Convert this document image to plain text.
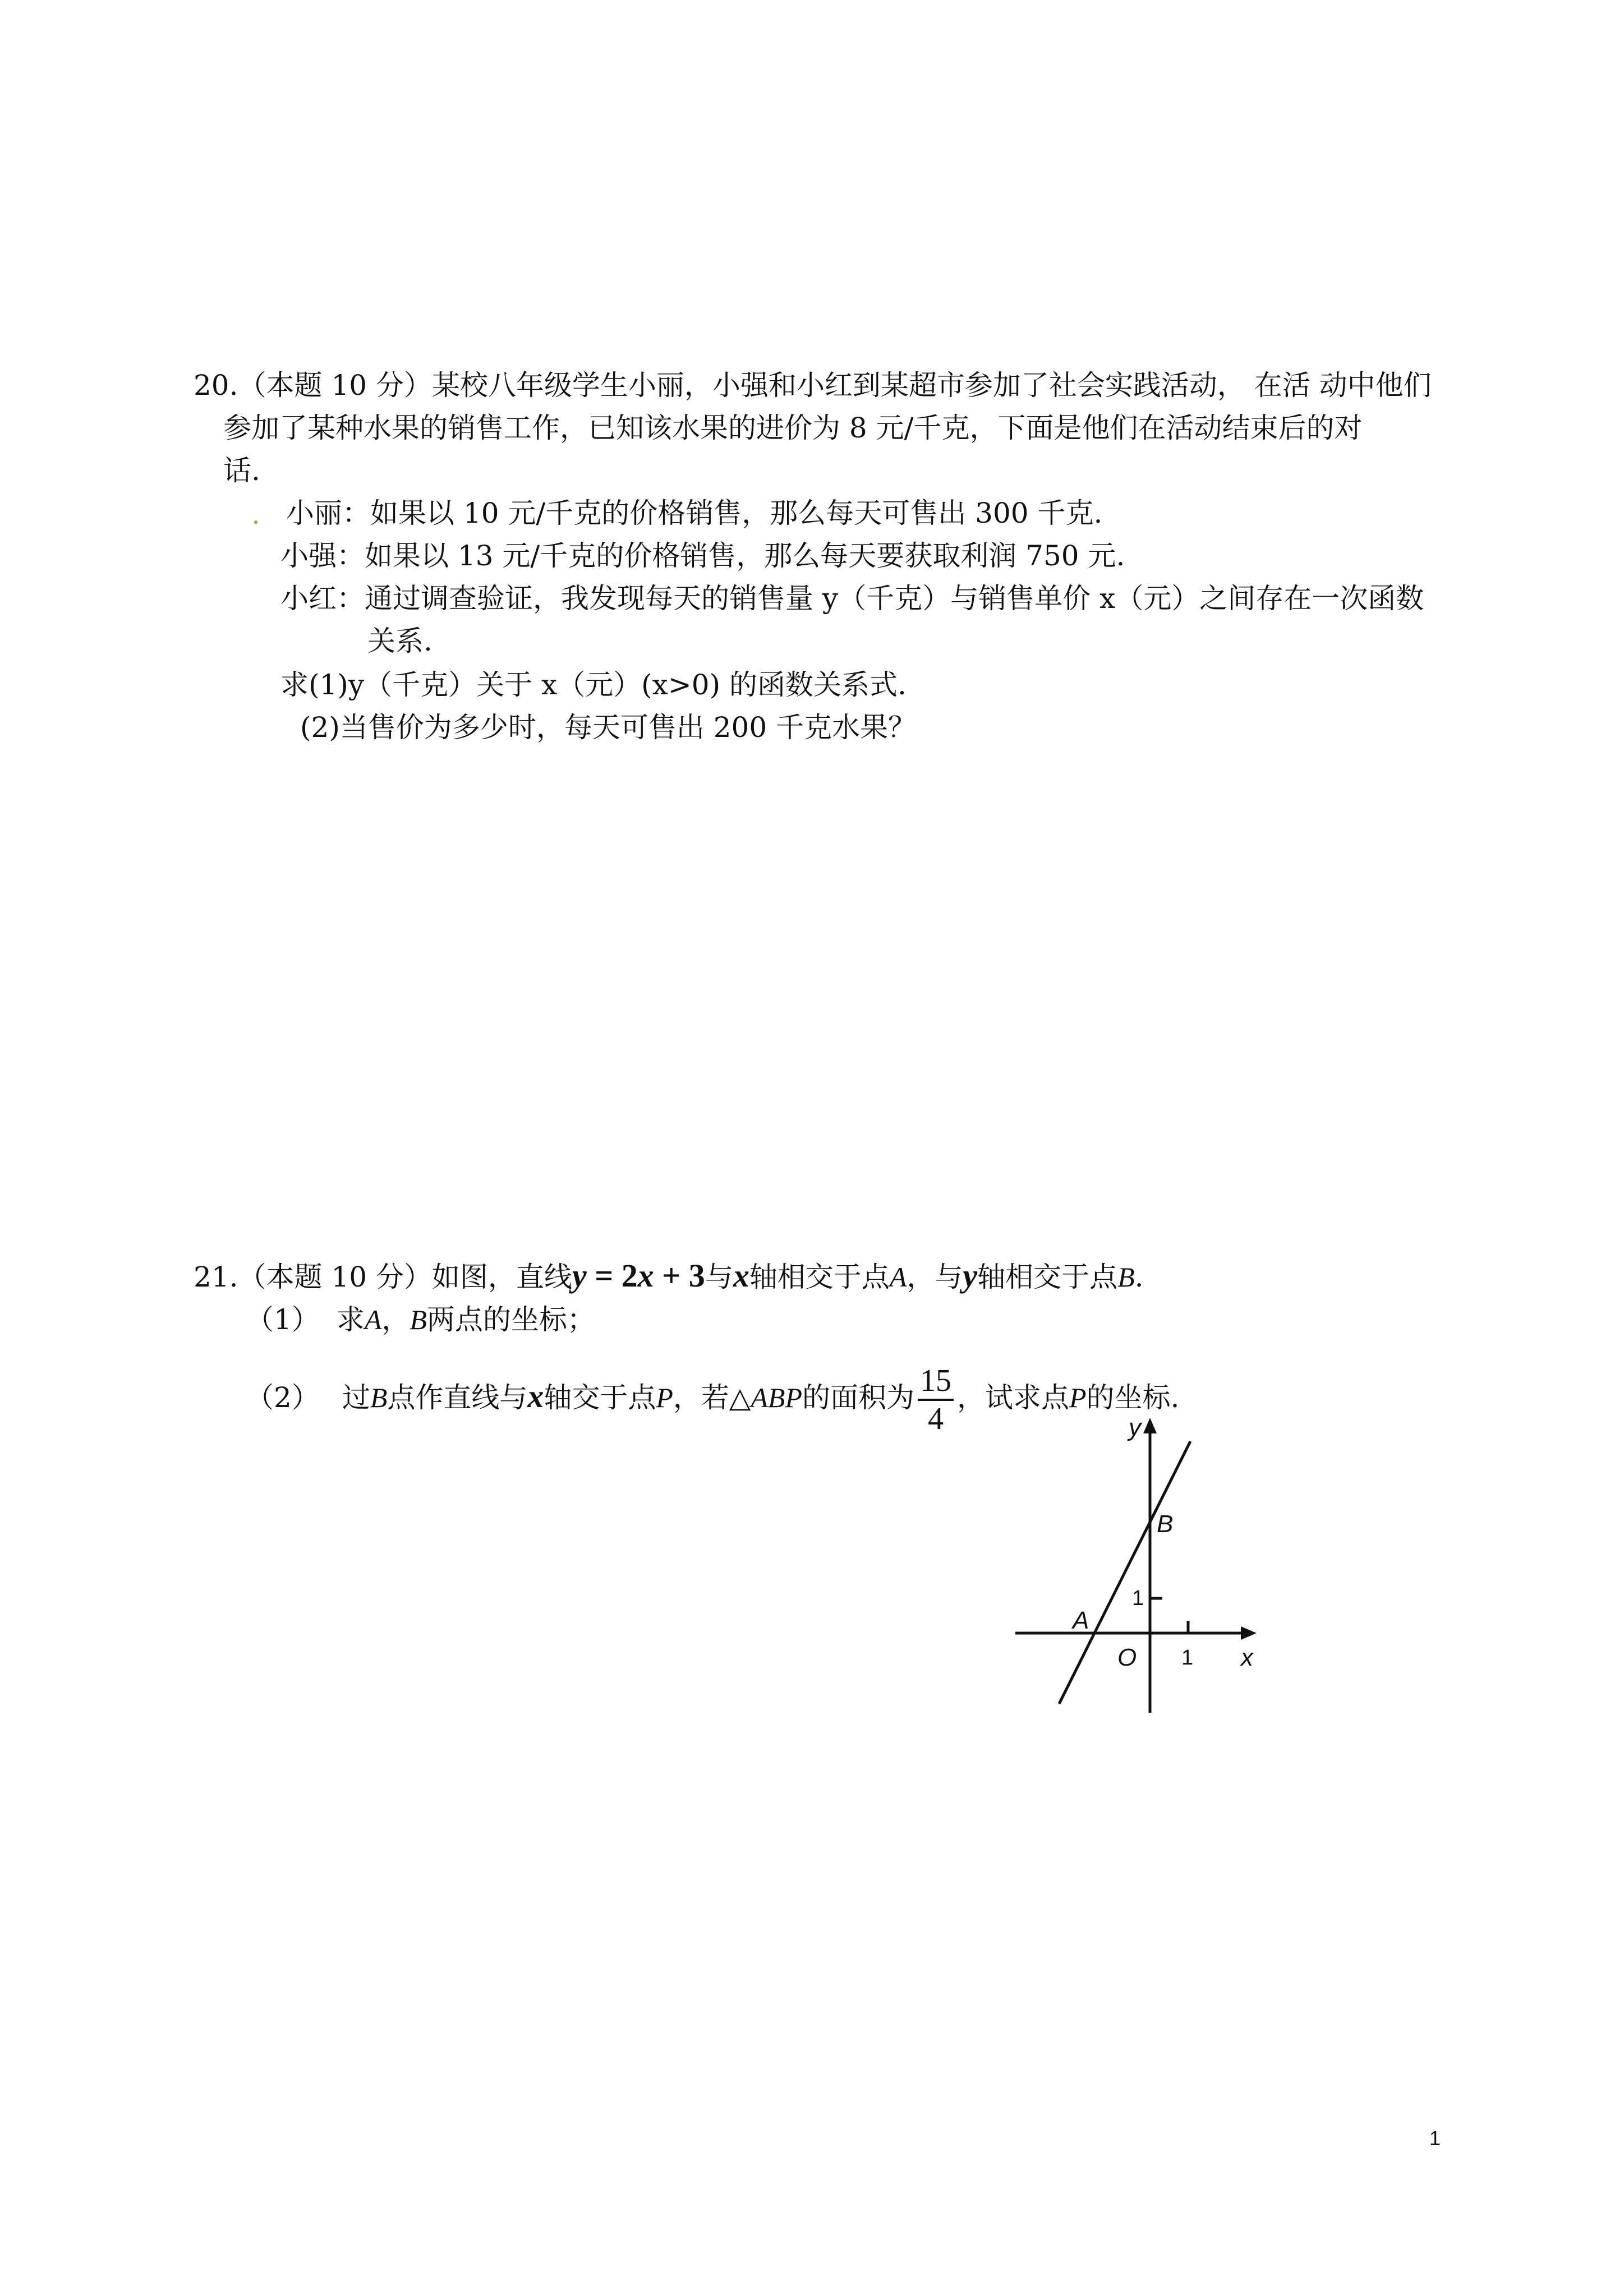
20.（本题 10 分）某校八年级学生小丽，小强和小红到某超市参加了社会实践活动， 在活 动中他们
参加了某种水果的销售工作，已知该水果的进价为 8 元/千克，下面是他们在活动结束后的对
话.
. 小丽：如果以 10 元/千克的价格销售，那么每天可售出 300 千克.
小强：如果以 13 元/千克的价格销售，那么每天要获取利润 750 元.
小红：通过调查验证，我发现每天的销售量 y（千克）与销售单价 x（元）之间存在一次函数
关系.
求(1)y（千克）关于 x（元）(x>0) 的函数关系式.
(2)当售价为多少时，每天可售出 200 千克水果？
21.（本题 10 分）如图，直线y = 2x + 3与x轴相交于点A，与y轴相交于点B.
（1） 求A，B两点的坐标；
（2） 过B点作直线与x轴交于点P，若△ABP的面积为 $\frac{15}{4}$ ，试求点P的坐标.
y
x
B
A
O
1
1
1
